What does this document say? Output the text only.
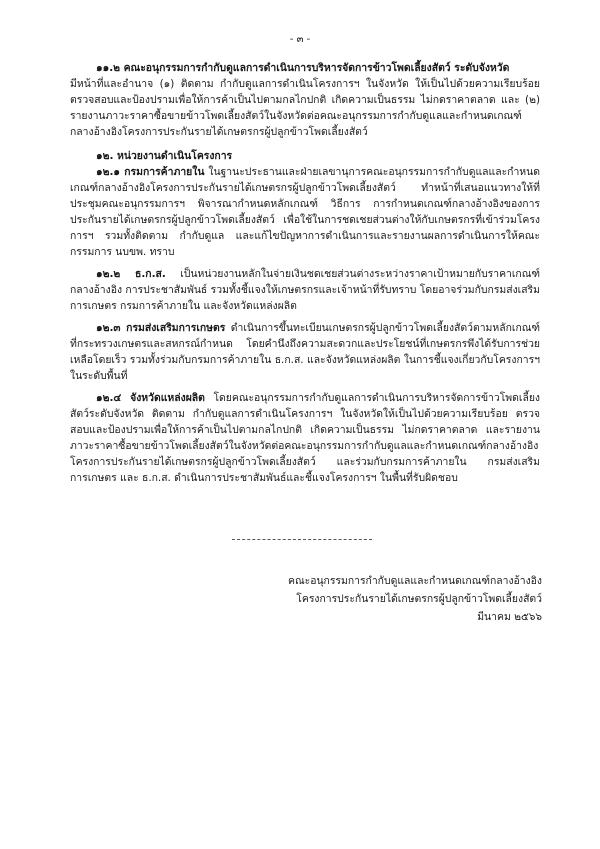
- ๓ -

๑๑.๒ คณะอนุกรรมการกำกับดูแลการดำเนินการบริหารจัดการข้าวโพดเลี้ยงสัตว์ ระดับจังหวัด

มีหน้าที่และอำนาจ (๑) ติดตาม กำกับดูแลการดำเนินโครงการฯ ในจังหวัด ให้เป็นไปด้วยความเรียบร้อย ตรวจสอบและป้องปรามเพื่อให้การค้าเป็นไปตามกลไกปกติ เกิดความเป็นธรรม ไม่กดราคาตลาด และ (๒) รายงานภาวะราคาซื้อขายข้าวโพดเลี้ยงสัตว์ในจังหวัดต่อคณะอนุกรรมการกำกับดูแลและกำหนดเกณฑ์กลางอ้างอิงโครงการประกันรายได้เกษตรกรผู้ปลูกข้าวโพดเลี้ยงสัตว์

๑๒. หน่วยงานดำเนินโครงการ

๑๒.๑ กรมการค้าภายใน ในฐานะประธานและฝ่ายเลขานุการคณะอนุกรรมการกำกับดูแลและกำหนดเกณฑ์กลางอ้างอิงโครงการประกันรายได้เกษตรกรผู้ปลูกข้าวโพดเลี้ยงสัตว์ ทำหน้าที่เสนอแนวทางให้ที่ประชุมคณะอนุกรรมการฯ พิจารณากำหนดหลักเกณฑ์ วิธีการ การกำหนดเกณฑ์กลางอ้างอิงของการประกันรายได้เกษตรกรผู้ปลูกข้าวโพดเลี้ยงสัตว์ เพื่อใช้ในการชดเชยส่วนต่างให้กับเกษตรกรที่เข้าร่วมโครงการฯ รวมทั้งติดตาม กำกับดูแล และแก้ไขปัญหาการดำเนินการและรายงานผลการดำเนินการให้คณะกรรมการ นบขพ. ทราบ

๑๒.๒ ธ.ก.ส. เป็นหน่วยงานหลักในจ่ายเงินชดเชยส่วนต่างระหว่างราคาเป้าหมายกับราคาเกณฑ์กลางอ้างอิง การประชาสัมพันธ์ รวมทั้งชี้แจงให้เกษตรกรและเจ้าหน้าที่รับทราบ โดยอาจร่วมกับกรมส่งเสริมการเกษตร กรมการค้าภายใน และจังหวัดแหล่งผลิต

๑๒.๓ กรมส่งเสริมการเกษตร ดำเนินการขึ้นทะเบียนเกษตรกรผู้ปลูกข้าวโพดเลี้ยงสัตว์ตามหลักเกณฑ์ที่กระทรวงเกษตรและสหกรณ์กำหนด โดยคำนึงถึงความสะดวกและประโยชน์ที่เกษตรกรพึงได้รับการช่วยเหลือโดยเร็ว รวมทั้งร่วมกับกรมการค้าภายใน ธ.ก.ส. และจังหวัดแหล่งผลิต ในการชี้แจงเกี่ยวกับโครงการฯ ในระดับพื้นที่

๑๒.๔ จังหวัดแหล่งผลิต โดยคณะอนุกรรมการกำกับดูแลการดำเนินการบริหารจัดการข้าวโพดเลี้ยงสัตว์ระดับจังหวัด ติดตาม กำกับดูแลการดำเนินโครงการฯ ในจังหวัดให้เป็นไปด้วยความเรียบร้อย ตรวจสอบและป้องปรามเพื่อให้การค้าเป็นไปตามกลไกปกติ เกิดความเป็นธรรม ไม่กดราคาตลาด และรายงานภาวะราคาซื้อขายข้าวโพดเลี้ยงสัตว์ในจังหวัดต่อคณะอนุกรรมการกำกับดูแลและกำหนดเกณฑ์กลางอ้างอิงโครงการประกันรายได้เกษตรกรผู้ปลูกข้าวโพดเลี้ยงสัตว์ และร่วมกับกรมการค้าภายใน กรมส่งเสริมการเกษตร และ ธ.ก.ส. ดำเนินการประชาสัมพันธ์และชี้แจงโครงการฯ ในพื้นที่รับผิดชอบ

คณะอนุกรรมการกำกับดูแลและกำหนดเกณฑ์กลางอ้างอิง
โครงการประกันรายได้เกษตรกรผู้ปลูกข้าวโพดเลี้ยงสัตว์
มีนาคม ๒๕๖๖
